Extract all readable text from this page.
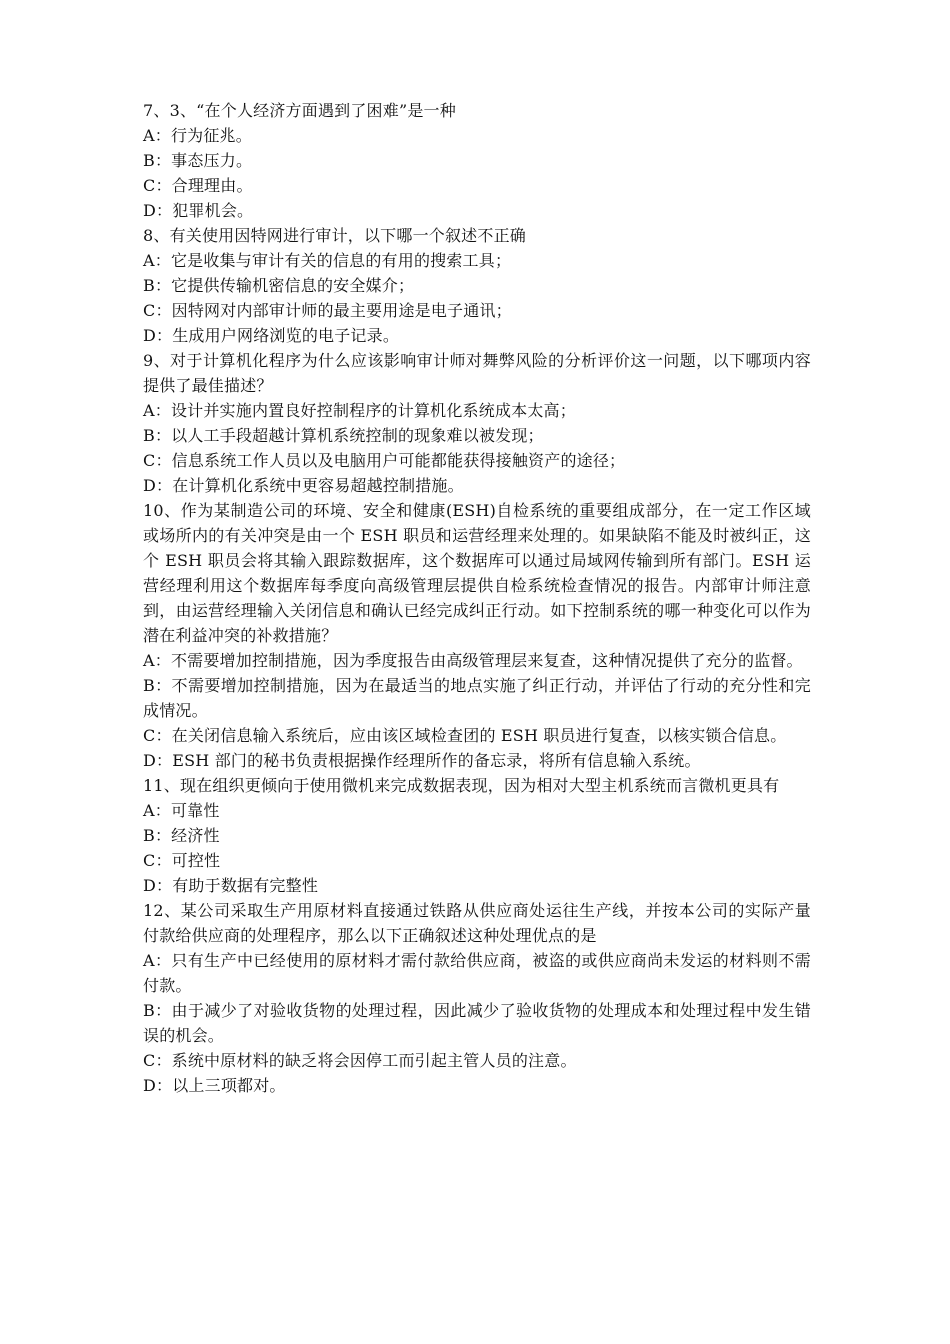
7、3、“在个人经济方面遇到了困难”是一种

A：行为征兆。

B：事态压力。

C：合理理由。

D：犯罪机会。

8、有关使用因特网进行审计，以下哪一个叙述不正确

A：它是收集与审计有关的信息的有用的搜索工具；

B：它提供传输机密信息的安全媒介；

C：因特网对内部审计师的最主要用途是电子通讯；

D：生成用户网络浏览的电子记录。

9、对于计算机化程序为什么应该影响审计师对舞弊风险的分析评价这一问题，以下哪项内容提供了最佳描述？

A：设计并实施内置良好控制程序的计算机化系统成本太高；

B：以人工手段超越计算机系统控制的现象难以被发现；

C：信息系统工作人员以及电脑用户可能都能获得接触资产的途径；

D：在计算机化系统中更容易超越控制措施。

10、作为某制造公司的环境、安全和健康(ESH)自检系统的重要组成部分，在一定工作区域或场所内的有关冲突是由一个 ESH 职员和运营经理来处理的。如果缺陷不能及时被纠正，这个 ESH 职员会将其输入跟踪数据库，这个数据库可以通过局域网传输到所有部门。ESH 运营经理利用这个数据库每季度向高级管理层提供自检系统检查情况的报告。内部审计师注意到，由运营经理输入关闭信息和确认已经完成纠正行动。如下控制系统的哪一种变化可以作为潜在利益冲突的补救措施？

A：不需要增加控制措施，因为季度报告由高级管理层来复查，这种情况提供了充分的监督。

B：不需要增加控制措施，因为在最适当的地点实施了纠正行动，并评估了行动的充分性和完成情况。

C：在关闭信息输入系统后，应由该区域检查团的 ESH 职员进行复查，以核实锁合信息。

D：ESH 部门的秘书负责根据操作经理所作的备忘录，将所有信息输入系统。

11、现在组织更倾向于使用微机来完成数据表现，因为相对大型主机系统而言微机更具有

A：可靠性

B：经济性

C：可控性

D：有助于数据有完整性

12、某公司采取生产用原材料直接通过铁路从供应商处运往生产线，并按本公司的实际产量付款给供应商的处理程序，那么以下正确叙述这种处理优点的是

A：只有生产中已经使用的原材料才需付款给供应商，被盗的或供应商尚未发运的材料则不需付款。

B：由于减少了对验收货物的处理过程，因此减少了验收货物的处理成本和处理过程中发生错误的机会。

C：系统中原材料的缺乏将会因停工而引起主管人员的注意。

D：以上三项都对。
